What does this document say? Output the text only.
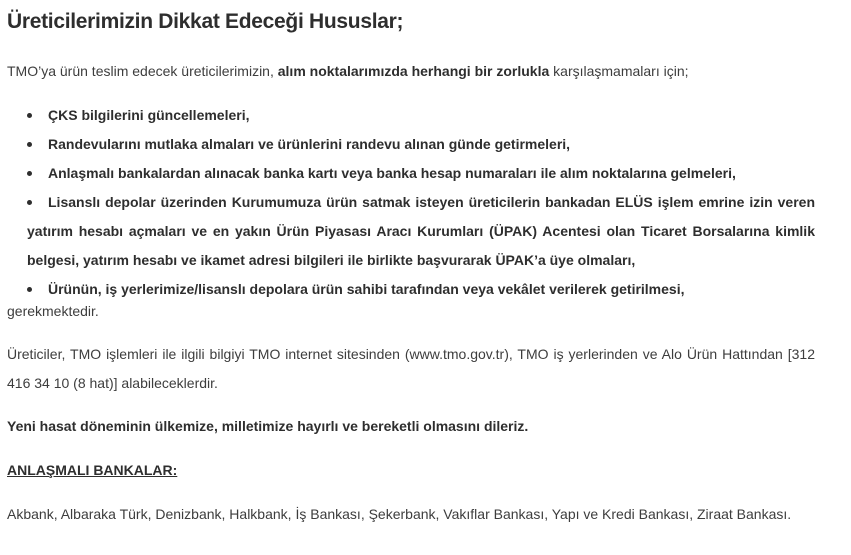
Üreticilerimizin Dikkat Edeceği Hususlar;

TMO’ya ürün teslim edecek üreticilerimizin, alım noktalarımızda herhangi bir zorlukla karşılaşmamaları için;

ÇKS bilgilerini güncellemeleri,
Randevularını mutlaka almaları ve ürünlerini randevu alınan günde getirmeleri,
Anlaşmalı bankalardan alınacak banka kartı veya banka hesap numaraları ile alım noktalarına gelmeleri,
Lisanslı depolar üzerinden Kurumumuza ürün satmak isteyen üreticilerin bankadan ELÜS işlem emrine izin veren yatırım hesabı açmaları ve en yakın Ürün Piyasası Aracı Kurumları (ÜPAK) Acentesi olan Ticaret Borsalarına kimlik belgesi, yatırım hesabı ve ikamet adresi bilgileri ile birlikte başvurarak ÜPAK’a üye olmaları,
Ürünün, iş yerlerimize/lisanslı depolara ürün sahibi tarafından veya vekâlet verilerek getirilmesi,

gerekmektedir.

Üreticiler, TMO işlemleri ile ilgili bilgiyi TMO internet sitesinden (www.tmo.gov.tr), TMO iş yerlerinden ve Alo Ürün Hattından [312 416 34 10 (8 hat)] alabileceklerdir.

Yeni hasat döneminin ülkemize, milletimize hayırlı ve bereketli olmasını dileriz.

ANLAŞMALI BANKALAR:

Akbank, Albaraka Türk, Denizbank, Halkbank, İş Bankası, Şekerbank, Vakıflar Bankası, Yapı ve Kredi Bankası, Ziraat Bankası.
